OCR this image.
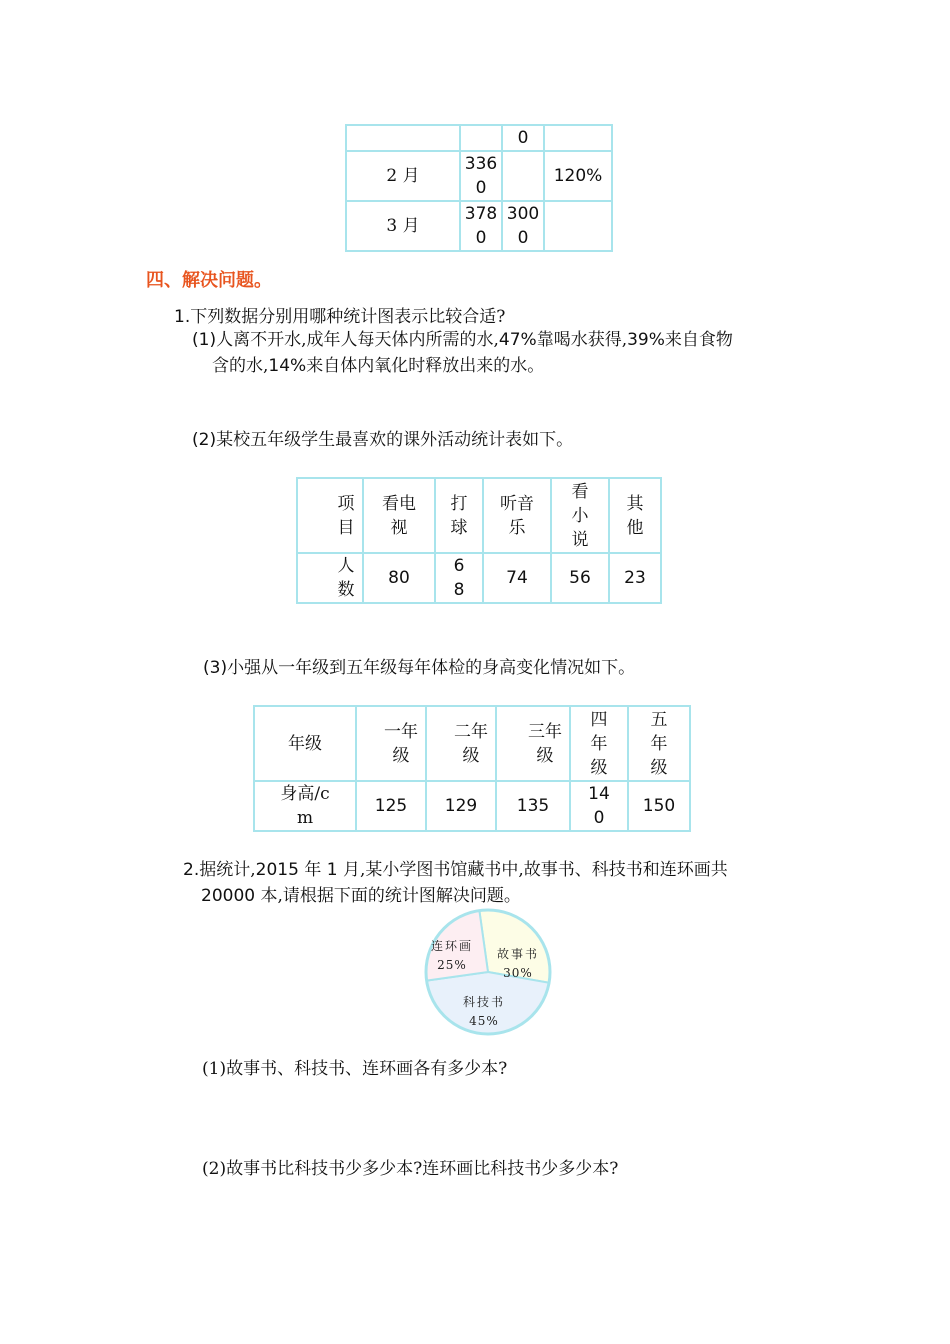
		0	
2 月	3360		120%
3 月	3780	3000	
四、解决问题。
1.下列数据分别用哪种统计图表示比较合适?
(1)人离不开水,成年人每天体内所需的水,47%靠喝水获得,39%来自食物
含的水,14%来自体内氧化时释放出来的水。
(2)某校五年级学生最喜欢的课外活动统计表如下。
项目	看电视	打球	听音乐	看小说	其他

人数	80	68	74	56	23
(3)小强从一年级到五年级每年体检的身高变化情况如下。
年级	一年级	二年级	三年级	四年级	五年级

身高/cm	125	129	135	140	150
2.据统计,2015 年 1 月,某小学图书馆藏书中,故事书、科技书和连环画共
20000 本,请根据下面的统计图解决问题。
故事书
30%
科技书
45%
连环画
25%
(1)故事书、科技书、连环画各有多少本?
(2)故事书比科技书少多少本?连环画比科技书少多少本?
